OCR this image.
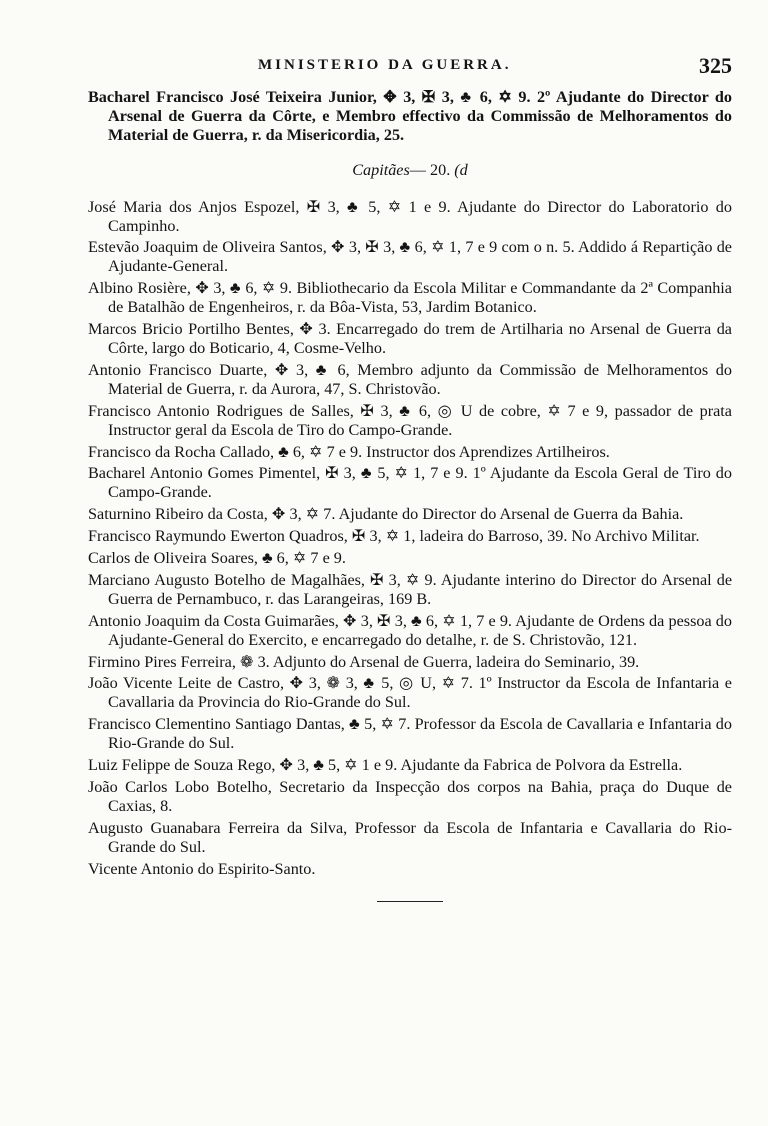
MINISTERIO DA GUERRA.	325

Bacharel Francisco José Teixeira Junior, ✥ 3, ✠ 3, ♣ 6, ✡ 9. 2º Ajudante do Director do Arsenal de Guerra da Côrte, e Membro effectivo da Commissão de Melhoramentos do Material de Guerra, r. da Misericordia, 25.

Capitães— 20. (d

José Maria dos Anjos Espozel, ✠ 3, ♣ 5, ✡ 1 e 9. Ajudante do Director do Laboratorio do Campinho.

Estevão Joaquim de Oliveira Santos, ✥ 3, ✠ 3, ♣ 6, ✡ 1, 7 e 9 com o n. 5. Addido á Repartição de Ajudante-General.

Albino Rosière, ✥ 3, ♣ 6, ✡ 9. Bibliothecario da Escola Militar e Commandante da 2ª Companhia de Batalhão de Engenheiros, r. da Bôa-Vista, 53, Jardim Botanico.

Marcos Bricio Portilho Bentes, ✥ 3. Encarregado do trem de Artilharia no Arsenal de Guerra da Côrte, largo do Boticario, 4, Cosme-Velho.

Antonio Francisco Duarte, ✥ 3, ♣ 6, Membro adjunto da Commissão de Melhoramentos do Material de Guerra, r. da Aurora, 47, S. Christovão.

Francisco Antonio Rodrigues de Salles, ✠ 3, ♣ 6, ◎ U de cobre, ✡ 7 e 9, passador de prata Instructor geral da Escola de Tiro do Campo-Grande.

Francisco da Rocha Callado, ♣ 6, ✡ 7 e 9. Instructor dos Aprendizes Artilheiros.

Bacharel Antonio Gomes Pimentel, ✠ 3, ♣ 5, ✡ 1, 7 e 9. 1º Ajudante da Escola Geral de Tiro do Campo-Grande.

Saturnino Ribeiro da Costa, ✥ 3, ✡ 7. Ajudante do Director do Arsenal de Guerra da Bahia.

Francisco Raymundo Ewerton Quadros, ✠ 3, ✡ 1, ladeira do Barroso, 39. No Archivo Militar.

Carlos de Oliveira Soares, ♣ 6, ✡ 7 e 9.

Marciano Augusto Botelho de Magalhães, ✠ 3, ✡ 9. Ajudante interino do Director do Arsenal de Guerra de Pernambuco, r. das Larangeiras, 169 B.

Antonio Joaquim da Costa Guimarães, ✥ 3, ✠ 3, ♣ 6, ✡ 1, 7 e 9. Ajudante de Ordens da pessoa do Ajudante-General do Exercito, e encarregado do detalhe, r. de S. Christovão, 121.

Firmino Pires Ferreira, ❁ 3. Adjunto do Arsenal de Guerra, ladeira do Seminario, 39.

João Vicente Leite de Castro, ✥ 3, ❁ 3, ♣ 5, ◎ U, ✡ 7. 1º Instructor da Escola de Infantaria e Cavallaria da Provincia do Rio-Grande do Sul.

Francisco Clementino Santiago Dantas, ♣ 5, ✡ 7. Professor da Escola de Cavallaria e Infantaria do Rio-Grande do Sul.

Luiz Felippe de Souza Rego, ✥ 3, ♣ 5, ✡ 1 e 9. Ajudante da Fabrica de Polvora da Estrella.

João Carlos Lobo Botelho, Secretario da Inspecção dos corpos na Bahia, praça do Duque de Caxias, 8.

Augusto Guanabara Ferreira da Silva, Professor da Escola de Infantaria e Cavallaria do Rio-Grande do Sul.

Vicente Antonio do Espirito-Santo.
